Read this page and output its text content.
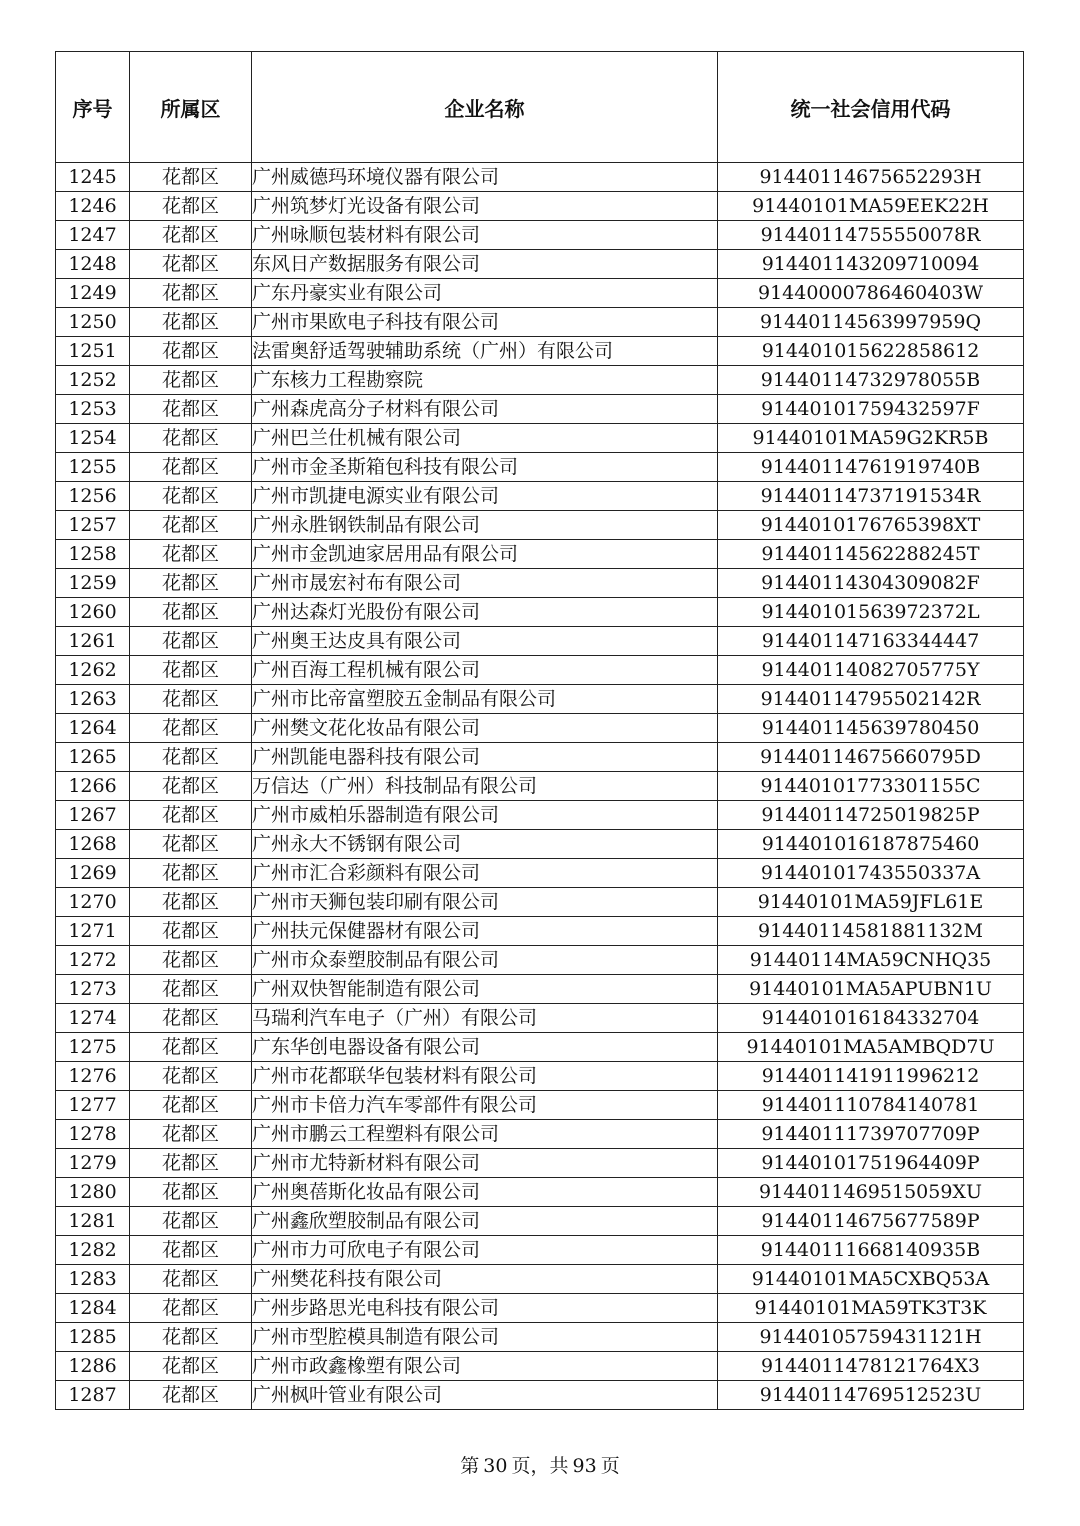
序号	所属区	企业名称	统一社会信用代码
1245	花都区	广州威德玛环境仪器有限公司	91440114675652293H
1246	花都区	广州筑梦灯光设备有限公司	91440101MA59EEK22H
1247	花都区	广州咏顺包装材料有限公司	91440114755550078R
1248	花都区	东风日产数据服务有限公司	914401143209710094
1249	花都区	广东丹豪实业有限公司	91440000786460403W
1250	花都区	广州市果欧电子科技有限公司	91440114563997959Q
1251	花都区	法雷奥舒适驾驶辅助系统（广州）有限公司	914401015622858612
1252	花都区	广东核力工程勘察院	91440114732978055B
1253	花都区	广州森虎高分子材料有限公司	91440101759432597F
1254	花都区	广州巴兰仕机械有限公司	91440101MA59G2KR5B
1255	花都区	广州市金圣斯箱包科技有限公司	91440114761919740B
1256	花都区	广州市凯捷电源实业有限公司	91440114737191534R
1257	花都区	广州永胜钢铁制品有限公司	9144010176765398XT
1258	花都区	广州市金凯迪家居用品有限公司	91440114562288245T
1259	花都区	广州市晟宏衬布有限公司	91440114304309082F
1260	花都区	广州达森灯光股份有限公司	91440101563972372L
1261	花都区	广州奥王达皮具有限公司	914401147163344447
1262	花都区	广州百海工程机械有限公司	91440114082705775Y
1263	花都区	广州市比帝富塑胶五金制品有限公司	91440114795502142R
1264	花都区	广州樊文花化妆品有限公司	914401145639780450
1265	花都区	广州凯能电器科技有限公司	91440114675660795D
1266	花都区	万信达（广州）科技制品有限公司	91440101773301155C
1267	花都区	广州市威柏乐器制造有限公司	91440114725019825P
1268	花都区	广州永大不锈钢有限公司	914401016187875460
1269	花都区	广州市汇合彩颜料有限公司	91440101743550337A
1270	花都区	广州市天狮包装印刷有限公司	91440101MA59JFL61E
1271	花都区	广州扶元保健器材有限公司	91440114581881132M
1272	花都区	广州市众泰塑胶制品有限公司	91440114MA59CNHQ35
1273	花都区	广州双快智能制造有限公司	91440101MA5APUBN1U
1274	花都区	马瑞利汽车电子（广州）有限公司	914401016184332704
1275	花都区	广东华创电器设备有限公司	91440101MA5AMBQD7U
1276	花都区	广州市花都联华包装材料有限公司	914401141911996212
1277	花都区	广州市卡倍力汽车零部件有限公司	914401110784140781
1278	花都区	广州市鹏云工程塑料有限公司	91440111739707709P
1279	花都区	广州市尤特新材料有限公司	91440101751964409P
1280	花都区	广州奥蓓斯化妆品有限公司	9144011469515059XU
1281	花都区	广州鑫欣塑胶制品有限公司	91440114675677589P
1282	花都区	广州市力可欣电子有限公司	91440111668140935B
1283	花都区	广州樊花科技有限公司	91440101MA5CXBQ53A
1284	花都区	广州步路思光电科技有限公司	91440101MA59TK3T3K
1285	花都区	广州市型腔模具制造有限公司	91440105759431121H
1286	花都区	广州市政鑫橡塑有限公司	9144011478121764X3
1287	花都区	广州枫叶管业有限公司	91440114769512523U
第 30 页，共 93 页
